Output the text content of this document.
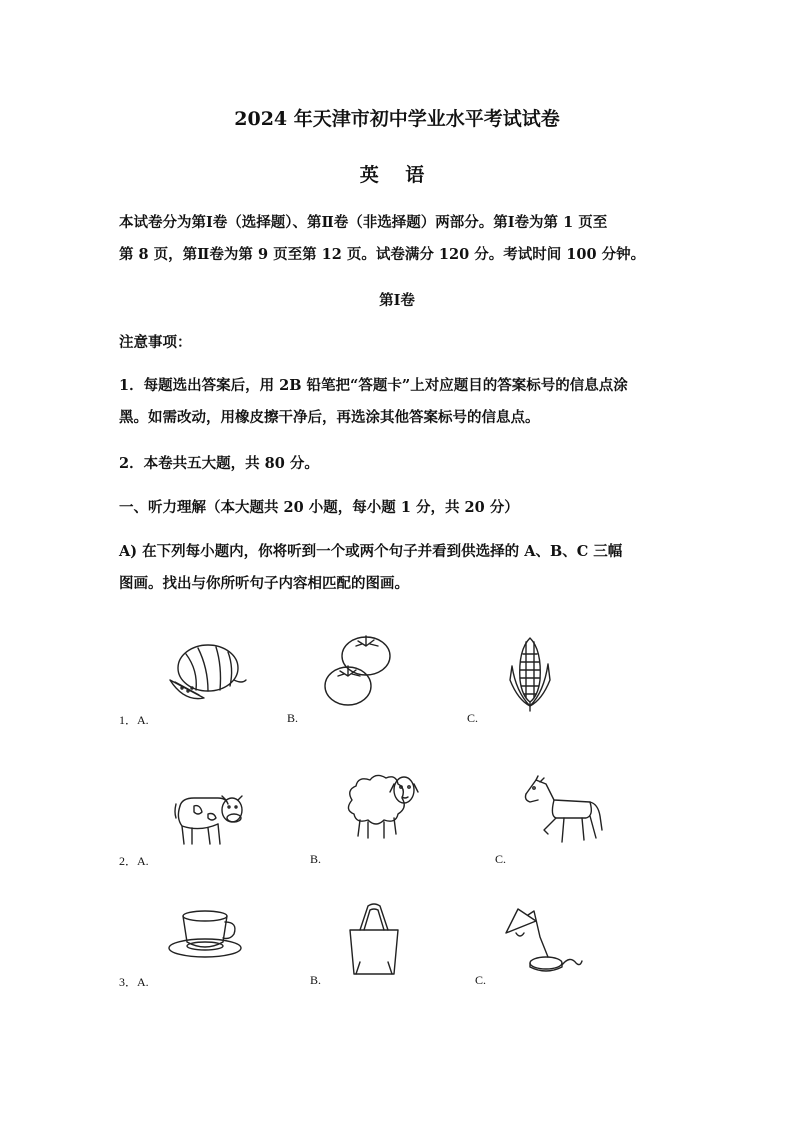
2024 年天津市初中学业水平考试试卷
英 语
本试卷分为第Ⅰ卷（选择题）、第Ⅱ卷（非选择题）两部分。第Ⅰ卷为第 1 页至
第 8 页，第Ⅱ卷为第 9 页至第 12 页。试卷满分 120 分。考试时间 100 分钟。
第Ⅰ卷
注意事项：
1．每题选出答案后，用 2B 铅笔把“答题卡”上对应题目的答案标号的信息点涂
黑。如需改动，用橡皮擦干净后，再选涂其他答案标号的信息点。
2．本卷共五大题，共 80 分。
一、听力理解（本大题共 20 小题，每小题 1 分，共 20 分）
A) 在下列每小题内，你将听到一个或两个句子并看到供选择的 A、B、C 三幅
图画。找出与你所听句子内容相匹配的图画。
1．A.	B.	C.
2．A.	B.	C.
3．A.	B.	C.
